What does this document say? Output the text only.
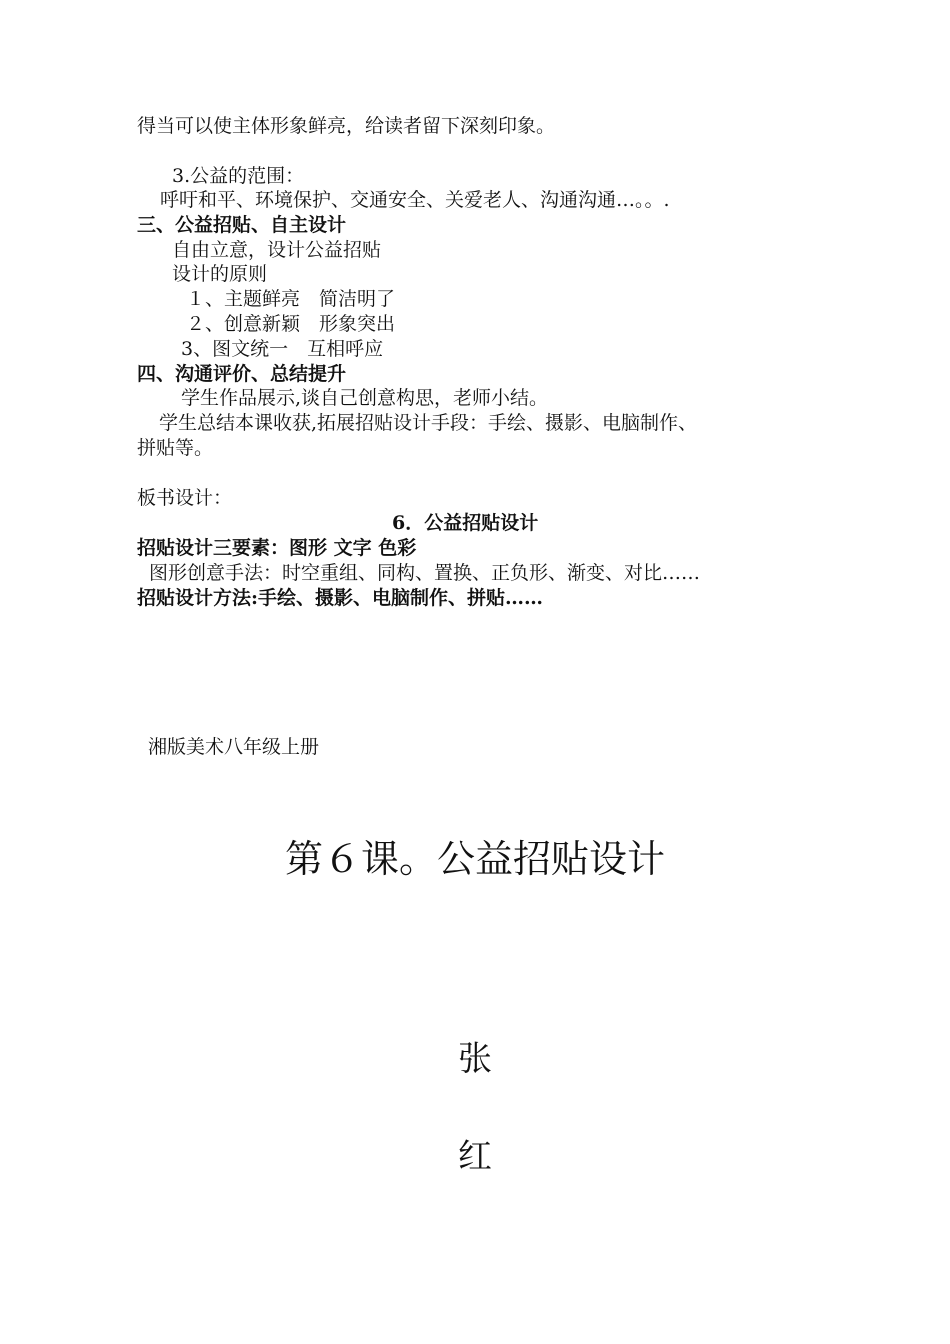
得当可以使主体形象鲜亮，给读者留下深刻印象。
3.公益的范围：
呼吁和平、环境保护、交通安全、关爱老人、沟通沟通…。。.
三、公益招贴、自主设计
自由立意，设计公益招贴
设计的原则
１、主题鲜亮　简洁明了
２、创意新颖　形象突出
3、图文统一　互相呼应
四、沟通评价、总结提升
学生作品展示,谈自己创意构思，老师小结。
学生总结本课收获,拓展招贴设计手段：手绘、摄影、电脑制作、
拼贴等。
板书设计：
6．公益招贴设计
招贴设计三要素：图形 文字 色彩
图形创意手法：时空重组、同构、置换、正负形、渐变、对比……
招贴设计方法:手绘、摄影、电脑制作、拼贴……
湘版美术八年级上册
第６课。公益招贴设计
张
红
